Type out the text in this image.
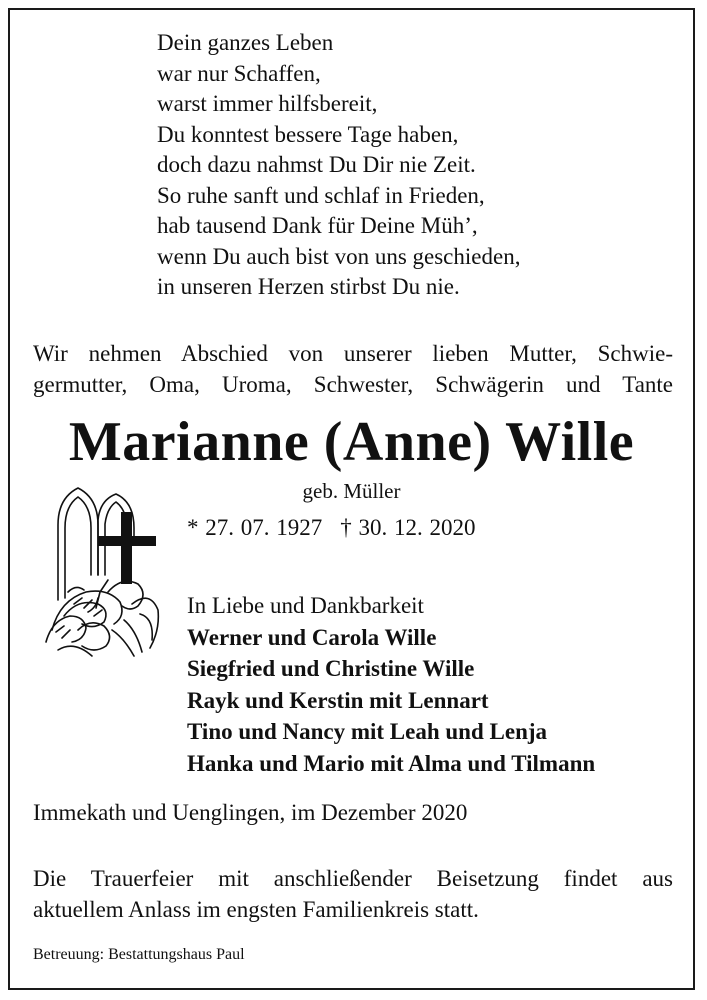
Dein ganzes Leben
war nur Schaffen,
warst immer hilfsbereit,
Du konntest bessere Tage haben,
doch dazu nahmst Du Dir nie Zeit.
So ruhe sanft und schlaf in Frieden,
hab tausend Dank für Deine Müh’,
wenn Du auch bist von uns geschieden,
in unseren Herzen stirbst Du nie.
Wir nehmen Abschied von unserer lieben Mutter, Schwie-
germutter, Oma, Uroma, Schwester, Schwägerin und Tante
Marianne (Anne) Wille
geb. Müller
* 27. 07. 1927 † 30. 12. 2020
In Liebe und Dankbarkeit
Werner und Carola Wille
Siegfried und Christine Wille
Rayk und Kerstin mit Lennart
Tino und Nancy mit Leah und Lenja
Hanka und Mario mit Alma und Tilmann
Immekath und Uenglingen, im Dezember 2020
Die Trauerfeier mit anschließender Beisetzung findet aus
aktuellem Anlass im engsten Familienkreis statt.
Betreuung: Bestattungshaus Paul
